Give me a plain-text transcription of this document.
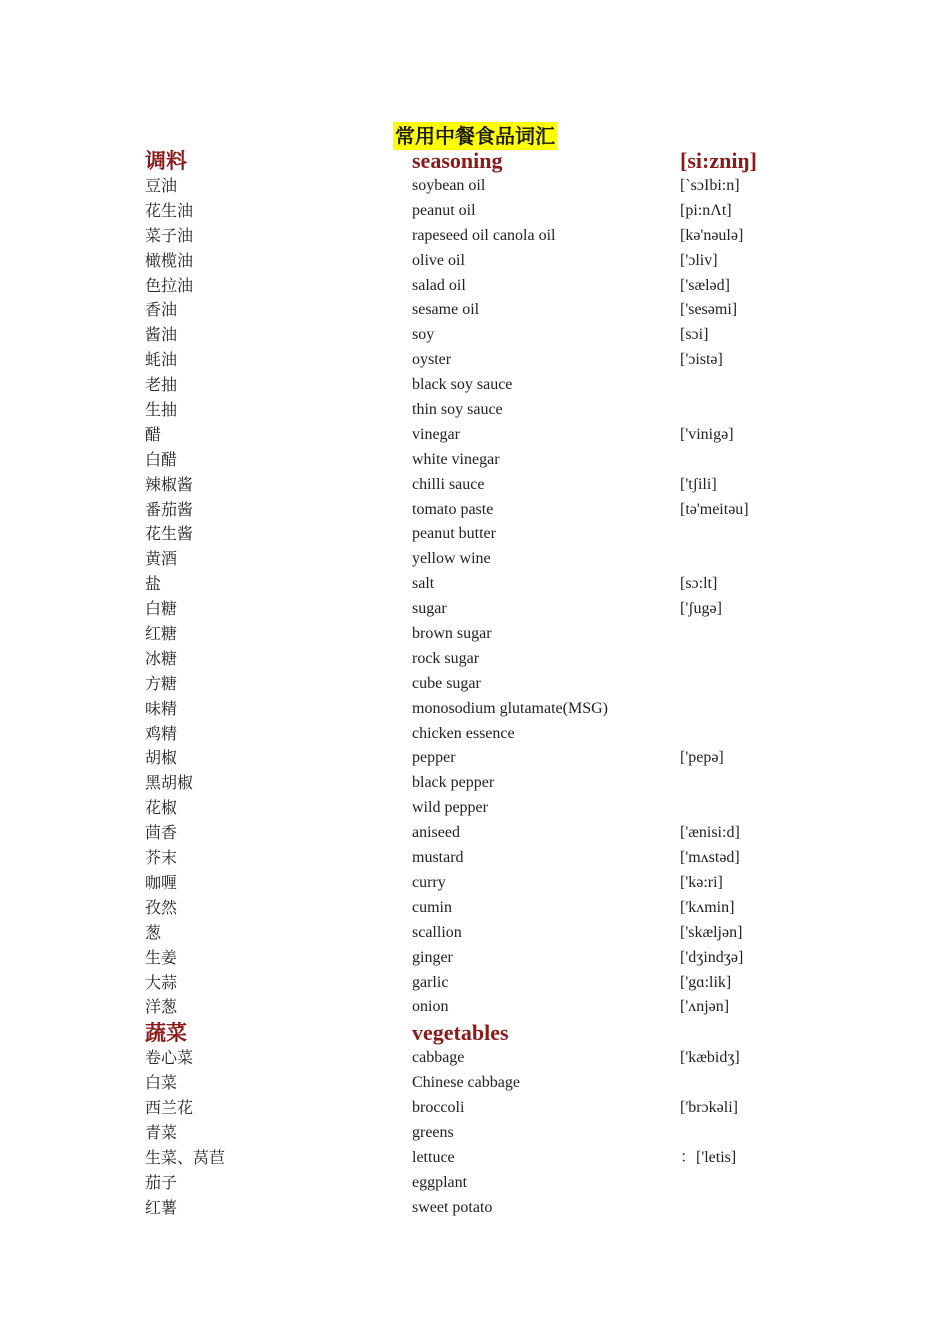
常用中餐食品词汇
调料	seasoning	[si:zniŋ]
豆油	soybean oil	[`sɔIbi:n]
花生油	peanut oil	[pi:nΛt]
菜子油	rapeseed oil canola oil	[kə'nəulə]
橄榄油	olive oil	['ɔliv]
色拉油	salad oil	['sæləd]
香油	sesame oil	['sesəmi]
酱油	soy	[sɔi]
蚝油	oyster	['ɔistə]
老抽	black soy sauce
生抽	thin soy sauce
醋	vinegar	['vinigə]
白醋	white vinegar
辣椒酱	chilli sauce	['tʃili]
番茄酱	tomato paste	[tə'meitəu]
花生酱	peanut butter
黄酒	yellow wine
盐	salt	[sɔ:lt]
白糖	sugar	['ʃugə]
红糖	brown sugar
冰糖	rock sugar
方糖	cube sugar
味精	monosodium glutamate(MSG)
鸡精	chicken essence
胡椒	pepper	['pepə]
黑胡椒	black pepper
花椒	wild pepper
茴香	aniseed	['ænisi:d]
芥末	mustard	['mʌstəd]
咖喱	curry	['kə:ri]
孜然	cumin	['kʌmin]
葱	scallion	['skæljən]
生姜	ginger	['dʒindʒə]
大蒜	garlic	['gɑ:lik]
洋葱	onion	['ʌnjən]
蔬菜	vegetables
卷心菜	cabbage	['kæbidʒ]
白菜	Chinese cabbage
西兰花	broccoli	['brɔkəli]
青菜	greens
生菜、莴苣	lettuce	：['letis]
茄子	eggplant
红薯	sweet potato
